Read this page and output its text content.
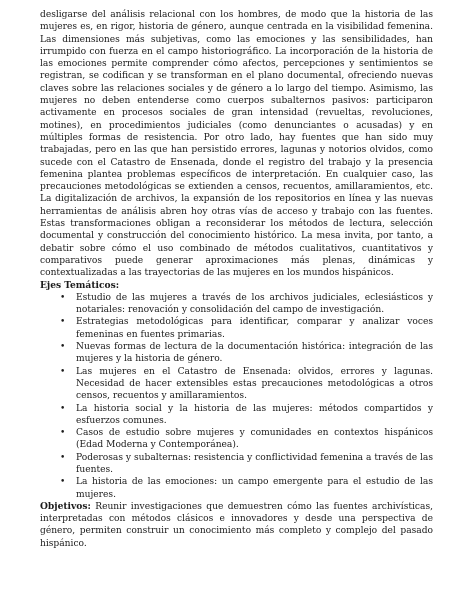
desligarse del análisis relacional con los hombres, de modo que la historia de las mujeres es, en rigor, historia de género, aunque centrada en la visibilidad femenina. Las dimensiones más subjetivas, como las emociones y las sensibilidades, han irrumpido con fuerza en el campo historiográfico. La incorporación de la historia de las emociones permite comprender cómo afectos, percepciones y sentimientos se registran, se codifican y se transforman en el plano documental, ofreciendo nuevas claves sobre las relaciones sociales y de género a lo largo del tiempo. Asimismo, las mujeres no deben entenderse como cuerpos subalternos pasivos: participaron activamente en procesos sociales de gran intensidad (revueltas, revoluciones, motines), en procedimientos judiciales (como denunciantes o acusadas) y en múltiples formas de resistencia. Por otro lado, hay fuentes que han sido muy trabajadas, pero en las que han persistido errores, lagunas y notorios olvidos, como sucede con el Catastro de Ensenada, donde el registro del trabajo y la presencia femenina plantea problemas específicos de interpretación. En cualquier caso, las precauciones metodológicas se extienden a censos, recuentos, amillaramientos, etc. La digitalización de archivos, la expansión de los repositorios en línea y las nuevas herramientas de análisis abren hoy otras vías de acceso y trabajo con las fuentes. Estas transformaciones obligan a reconsiderar los métodos de lectura, selección documental y construcción del conocimiento histórico. La mesa invita, por tanto, a debatir sobre cómo el uso combinado de métodos cualitativos, cuantitativos y comparativos puede generar aproximaciones más plenas, dinámicas y contextualizadas a las trayectorias de las mujeres en los mundos hispánicos.

Ejes Temáticos:

• Estudio de las mujeres a través de los archivos judiciales, eclesiásticos y notariales: renovación y consolidación del campo de investigación.
• Estrategias metodológicas para identificar, comparar y analizar voces femeninas en fuentes primarias.
• Nuevas formas de lectura de la documentación histórica: integración de las mujeres y la historia de género.
• Las mujeres en el Catastro de Ensenada: olvidos, errores y lagunas. Necesidad de hacer extensibles estas precauciones metodológicas a otros censos, recuentos y amillaramientos.
• La historia social y la historia de las mujeres: métodos compartidos y esfuerzos comunes.
• Casos de estudio sobre mujeres y comunidades en contextos hispánicos (Edad Moderna y Contemporánea).
• Poderosas y subalternas: resistencia y conflictividad femenina a través de las fuentes.
• La historia de las emociones: un campo emergente para el estudio de las mujeres.

Objetivos: Reunir investigaciones que demuestren cómo las fuentes archivísticas, interpretadas con métodos clásicos e innovadores y desde una perspectiva de género, permiten construir un conocimiento más completo y complejo del pasado hispánico.
